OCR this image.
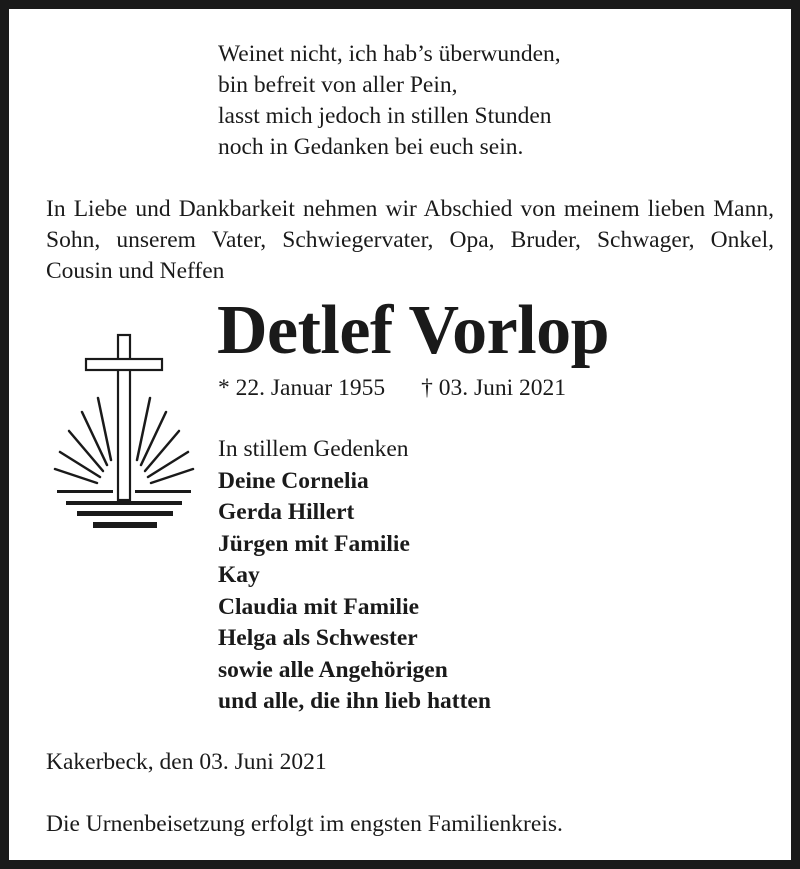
Weinet nicht, ich hab’s überwunden,
bin befreit von aller Pein,
lasst mich jedoch in stillen Stunden
noch in Gedanken bei euch sein.
In Liebe und Dankbarkeit nehmen wir Abschied von meinem lieben Mann, Sohn, unserem Vater, Schwiegervater, Opa, Bruder, Schwager, Onkel, Cousin und Neffen
Detlef Vorlop
* 22. Januar 1955 † 03. Juni 2021
In stillem Gedenken
Deine Cornelia
Gerda Hillert
Jürgen mit Familie
Kay
Claudia mit Familie
Helga als Schwester
sowie alle Angehörigen
und alle, die ihn lieb hatten
Kakerbeck, den 03. Juni 2021
Die Urnenbeisetzung erfolgt im engsten Familienkreis.
